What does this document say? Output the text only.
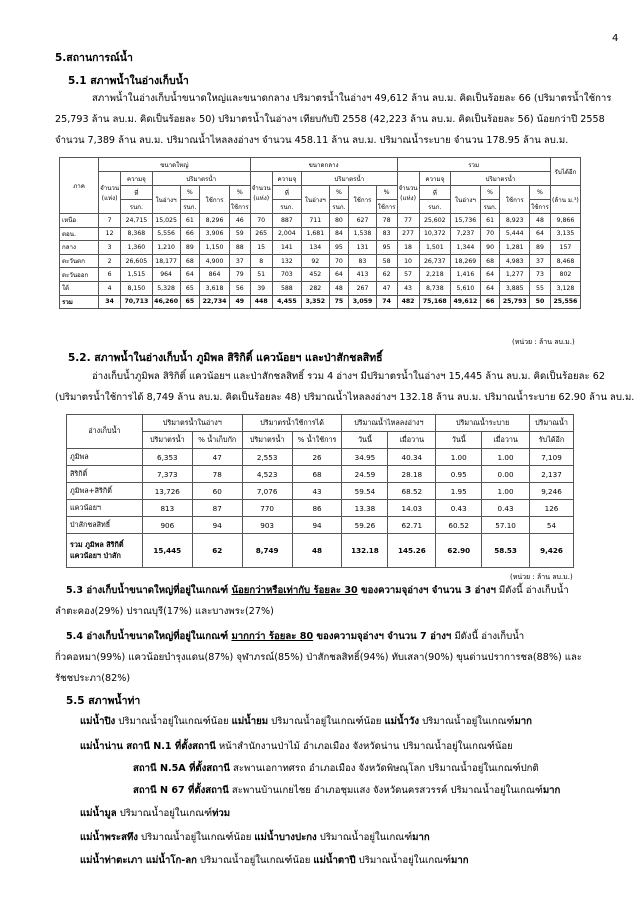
4
5.สถานการณ์น้ำ
5.1 สภาพน้ำในอ่างเก็บน้ำ
สภาพน้ำในอ่างเก็บน้ำขนาดใหญ่และขนาดกลาง ปริมาตรน้ำในอ่างฯ 49,612 ล้าน ลบ.ม. คิดเป็นร้อยละ 66 (ปริมาตรน้ำใช้การ
25,793 ล้าน ลบ.ม. คิดเป็นร้อยละ 50) ปริมาตรน้ำในอ่างฯ เทียบกับปี 2558 (42,223 ล้าน ลบ.ม. คิดเป็นร้อยละ 56) น้อยกว่าปี 2558
จำนวน 7,389 ล้าน ลบ.ม. ปริมาณน้ำไหลลงอ่างฯ จำนวน 458.11 ล้าน ลบ.ม. ปริมาณน้ำระบาย จำนวน 178.95 ล้าน ลบ.ม.
ภาค	ขนาดใหญ่						ขนาดกลาง						รวม						รับได้อีก
	จำนวน
(แห่ง)	ความจุ	ปริมาตรน้ำ				จำนวน
(แห่ง)	ความจุ	ปริมาตรน้ำ				จำนวน
(แห่ง)	ความจุ	ปริมาตรน้ำ				
		ที่	ในอ่างฯ	%	ใช้การ	%		ที่	ในอ่างฯ	%	ใช้การ	%		ที่	ในอ่างฯ	%	ใช้การ	%	(ล้าน ม.³)
		รนก.		รนก.		ใช้การ		รนก.		รนก.		ใช้การ		รนก.		รนก.		ใช้การ	
เหนือ	7	24,715	15,025	61	8,296	46	70	887	711	80	627	78	77	25,602	15,736	61	8,923	48	9,866
ตอน.	12	8,368	5,556	66	3,906	59	265	2,004	1,681	84	1,538	83	277	10,372	7,237	70	5,444	64	3,135
กลาง	3	1,360	1,210	89	1,150	88	15	141	134	95	131	95	18	1,501	1,344	90	1,281	89	157
ตะวันตก	2	26,605	18,177	68	4,900	37	8	132	92	70	83	58	10	26,737	18,269	68	4,983	37	8,468
ตะวันออก	6	1,515	964	64	864	79	51	703	452	64	413	62	57	2,218	1,416	64	1,277	73	802
ใต้	4	8,150	5,328	65	3,618	56	39	588	282	48	267	47	43	8,738	5,610	64	3,885	55	3,128
รวม	34	70,713	46,260	65	22,734	49	448	4,455	3,352	75	3,059	74	482	75,168	49,612	66	25,793	50	25,556
(หน่วย : ล้าน ลบ.ม.)
5.2. สภาพน้ำในอ่างเก็บน้ำ ภูมิพล สิริกิติ์ แควน้อยฯ และป่าสักชลสิทธิ์
อ่างเก็บน้ำภูมิพล สิริกิติ์ แควน้อยฯ และป่าสักชลสิทธิ์ รวม 4 อ่างฯ มีปริมาตรน้ำในอ่างฯ 15,445 ล้าน ลบ.ม. คิดเป็นร้อยละ 62
(ปริมาตรน้ำใช้การได้ 8,749 ล้าน ลบ.ม. คิดเป็นร้อยละ 48) ปริมาณน้ำไหลลงอ่างฯ 132.18 ล้าน ลบ.ม. ปริมาณน้ำระบาย 62.90 ล้าน ลบ.ม.
อ่างเก็บน้ำ	ปริมาตรน้ำในอ่างฯ		ปริมาตรน้ำใช้การได้		ปริมาณน้ำไหลลงอ่างฯ		ปริมาณน้ำระบาย		ปริมาณน้ำ
	ปริมาตรน้ำ	% น้ำเก็บกัก	ปริมาตรน้ำ	% น้ำใช้การ	วันนี้	เมื่อวาน	วันนี้	เมื่อวาน	รับได้อีก
ภูมิพล	6,353	47	2,553	26	34.95	40.34	1.00	1.00	7,109
สิริกิติ์	7,373	78	4,523	68	24.59	28.18	0.95	0.00	2,137
ภูมิพล+สิริกิติ์	13,726	60	7,076	43	59.54	68.52	1.95	1.00	9,246
แควน้อยฯ	813	87	770	86	13.38	14.03	0.43	0.43	126
ป่าสักชลสิทธิ์	906	94	903	94	59.26	62.71	60.52	57.10	54
รวม ภูมิพล สิริกิติ์
แควน้อยฯ ป่าสัก	15,445	62	8,749	48	132.18	145.26	62.90	58.53	9,426
(หน่วย : ล้าน ลบ.ม.)
5.3 อ่างเก็บน้ำขนาดใหญ่ที่อยู่ในเกณฑ์ น้อยกว่าหรือเท่ากับ ร้อยละ 30 ของความจุอ่างฯ จำนวน 3 อ่างฯ มีดังนี้ อ่างเก็บน้ำ
ลำตะคอง(29%) ปราณบุรี(17%) และบางพระ(27%)
5.4 อ่างเก็บน้ำขนาดใหญ่ที่อยู่ในเกณฑ์ มากกว่า ร้อยละ 80 ของความจุอ่างฯ จำนวน 7 อ่างฯ มีดังนี้ อ่างเก็บน้ำ
กิ่วคอหมา(99%) แควน้อยบำรุงแดน(87%) จุฬาภรณ์(85%) ป่าสักชลสิทธิ์(94%) ทับเสลา(90%) ขุนด่านปราการชล(88%) และ
รัชชประภา(82%)
5.5 สภาพน้ำท่า
แม่น้ำปิง ปริมาณน้ำอยู่ในเกณฑ์น้อย แม่น้ำยม ปริมาณน้ำอยู่ในเกณฑ์น้อย แม่น้ำวัง ปริมาณน้ำอยู่ในเกณฑ์มาก
แม่น้ำน่าน สถานี N.1 ที่ตั้งสถานี หน้าสำนักงานป่าไม้ อำเภอเมือง จังหวัดน่าน ปริมาณน้ำอยู่ในเกณฑ์น้อย
สถานี N.5A ที่ตั้งสถานี สะพานเอกาทศรถ อำเภอเมือง จังหวัดพิษณุโลก ปริมาณน้ำอยู่ในเกณฑ์ปกติ
สถานี N 67 ที่ตั้งสถานี สะพานบ้านเกยไชย อำเภอชุมแสง จังหวัดนครสวรรค์ ปริมาณน้ำอยู่ในเกณฑ์มาก
แม่น้ำมูล ปริมาณน้ำอยู่ในเกณฑ์ท่วม
แม่น้ำพระสทึง ปริมาณน้ำอยู่ในเกณฑ์น้อย แม่น้ำบางปะกง ปริมาณน้ำอยู่ในเกณฑ์มาก
แม่น้ำท่าตะเภา แม่น้ำโก-ลก ปริมาณน้ำอยู่ในเกณฑ์น้อย แม่น้ำตาปี ปริมาณน้ำอยู่ในเกณฑ์มาก
